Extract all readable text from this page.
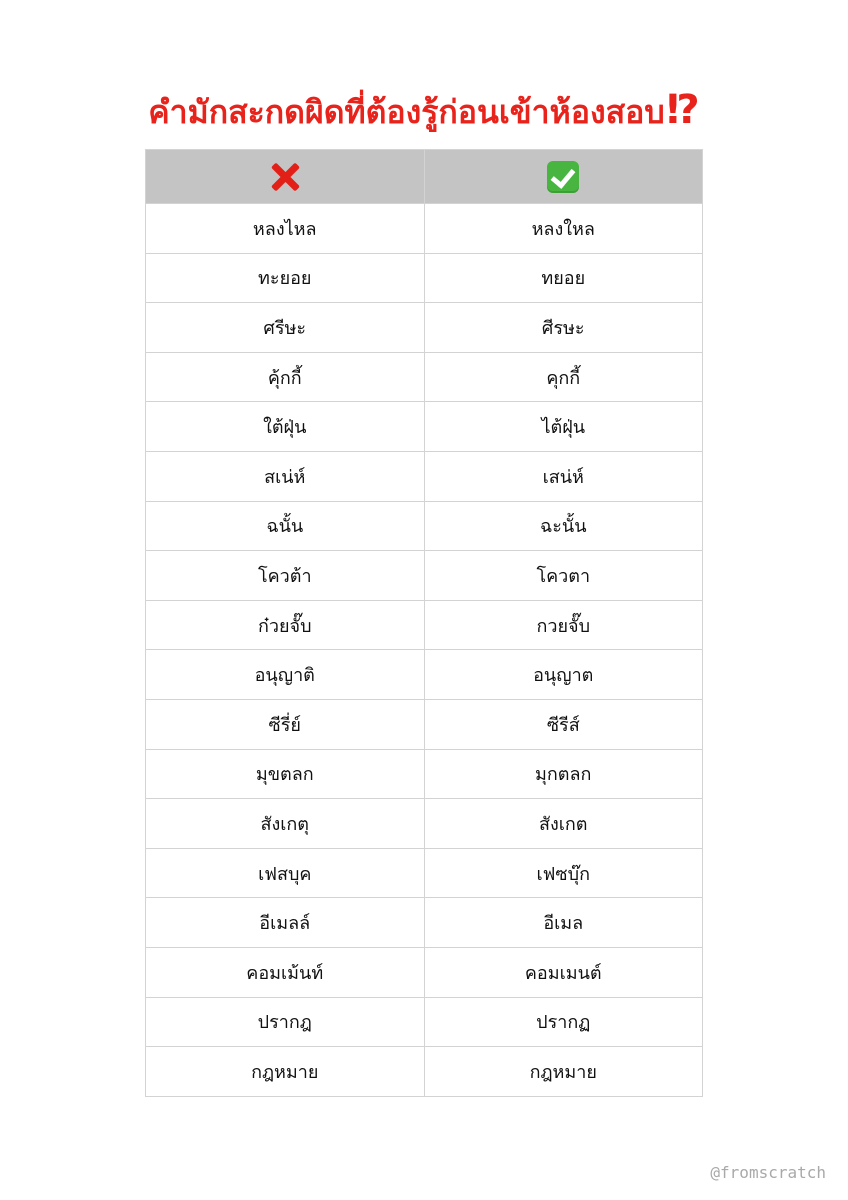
คำมักสะกดผิดที่ต้องรู้ก่อนเข้าห้องสอบ⁉

หลงไหล	หลงใหล
ทะยอย	ทยอย
ศรีษะ	ศีรษะ
คุ้กกี้	คุกกี้
ใต้ฝุ่น	ไต้ฝุ่น
สเน่ห์	เสน่ห์
ฉนั้น	ฉะนั้น
โควต้า	โควตา
ก๋วยจั๊บ	กวยจั๊บ
อนุญาติ	อนุญาต
ซีรี่ย์	ซีรีส์
มุขตลก	มุกตลก
สังเกตุ	สังเกต
เฟสบุค	เฟซบุ๊ก
อีเมลล์	อีเมล
คอมเม้นท์	คอมเมนต์
ปรากฎ	ปรากฏ
กฎหมาย	กฎหมาย
@fromscratch
